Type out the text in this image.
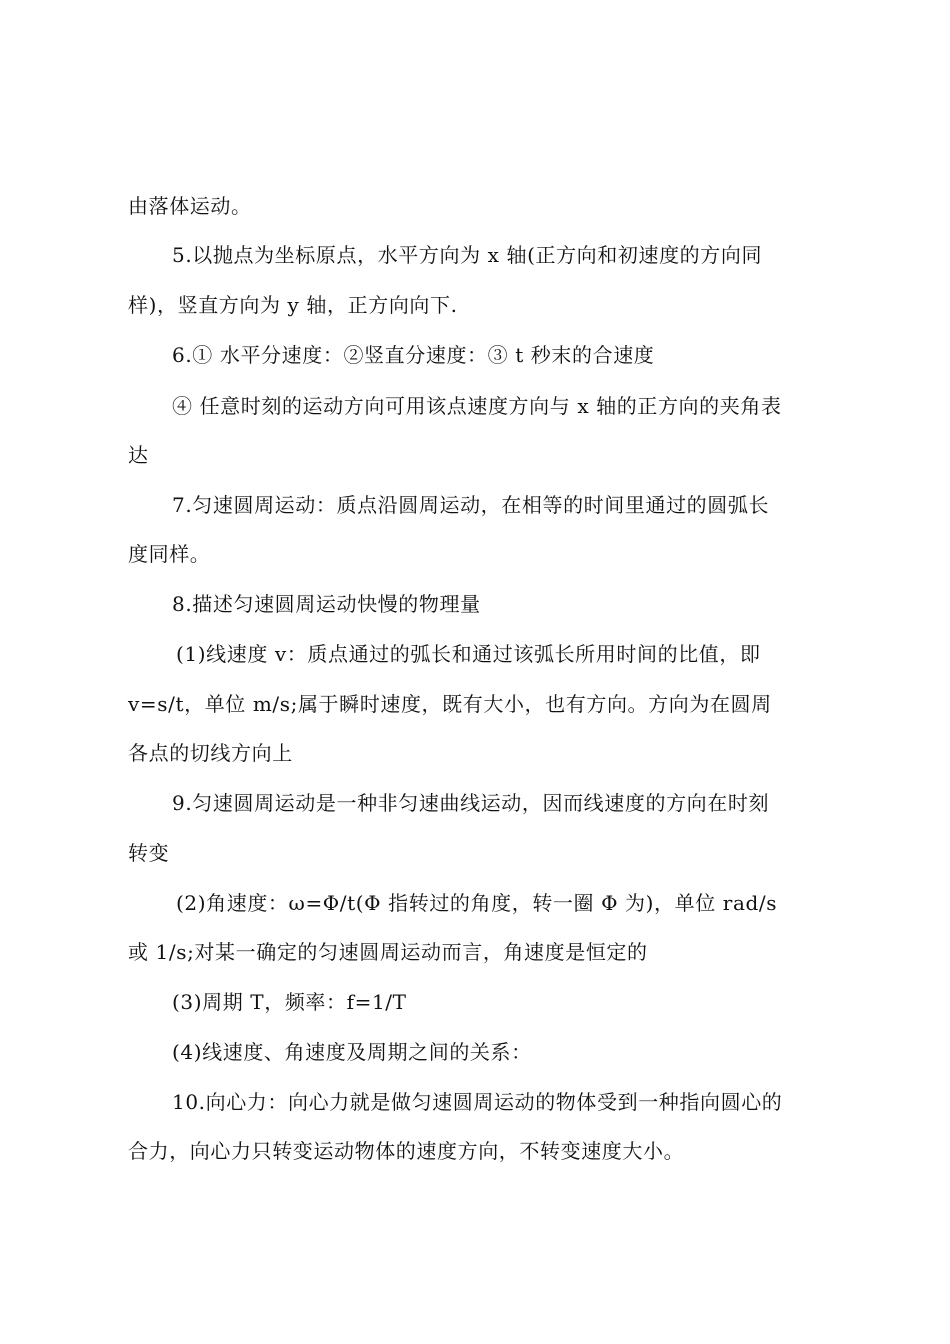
由落体运动。
5.以抛点为坐标原点，水平方向为 x 轴(正方向和初速度的方向同
样)，竖直方向为 y 轴，正方向向下.
6.① 水平分速度：②竖直分速度：③ t 秒末的合速度
④ 任意时刻的运动方向可用该点速度方向与 x 轴的正方向的夹角表
达
7.匀速圆周运动：质点沿圆周运动，在相等的时间里通过的圆弧长
度同样。
8.描述匀速圆周运动快慢的物理量
(1)线速度 v：质点通过的弧长和通过该弧长所用时间的比值，即
v=s/t，单位 m/s;属于瞬时速度，既有大小，也有方向。方向为在圆周
各点的切线方向上
9.匀速圆周运动是一种非匀速曲线运动，因而线速度的方向在时刻
转变
(2)角速度：ω=Φ/t(Φ 指转过的角度，转一圈 Φ 为)，单位 rad/s
或 1/s;对某一确定的匀速圆周运动而言，角速度是恒定的
(3)周期 T，频率：f=1/T
(4)线速度、角速度及周期之间的关系：
10.向心力：向心力就是做匀速圆周运动的物体受到一种指向圆心的
合力，向心力只转变运动物体的速度方向，不转变速度大小。
